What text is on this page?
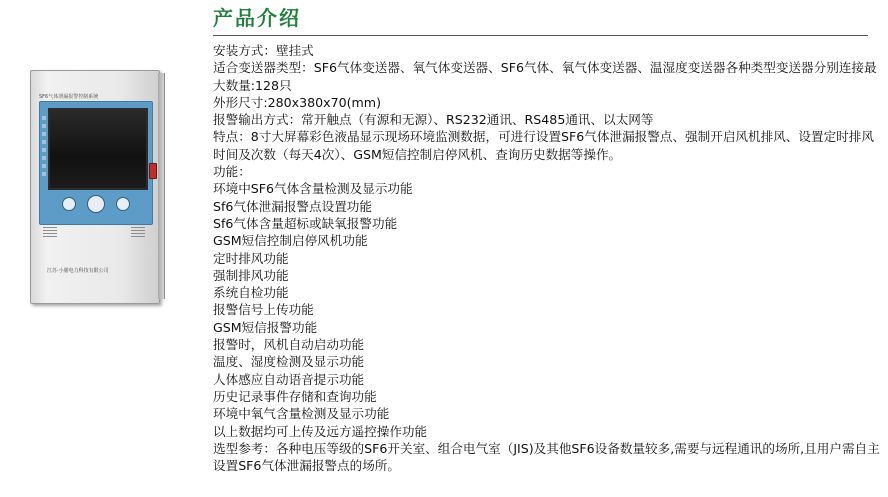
SF6气体泄漏报警控制系统
江苏·小膳电力科技有限公司
产品介绍

安装方式：壁挂式

适合变送器类型：SF6气体变送器、氧气体变送器、SF6气体、氧气体变送器、温湿度变送器各种类型变送器分别连接最大数量:128只

外形尺寸:280x380x70(mm)

报警输出方式：常开触点（有源和无源）、RS232通讯、RS485通讯、以太网等

特点：8寸大屏幕彩色液晶显示现场环境监测数据，可进行设置SF6气体泄漏报警点、强制开启风机排风、设置定时排风时间及次数（每天4次）、GSM短信控制启停风机、查询历史数据等操作。

功能：

环境中SF6气体含量检测及显示功能

Sf6气体泄漏报警点设置功能

Sf6气体含量超标或缺氧报警功能

GSM短信控制启停风机功能

定时排风功能

强制排风功能

系统自检功能

报警信号上传功能

GSM短信报警功能

报警时，风机自动启动功能

温度、湿度检测及显示功能

人体感应自动语音提示功能

历史记录事件存储和查询功能

环境中氧气含量检测及显示功能

以上数据均可上传及远方遥控操作功能

选型参考：各种电压等级的SF6开关室、组合电气室（JIS)及其他SF6设备数量较多,需要与远程通讯的场所,且用户需自主设置SF6气体泄漏报警点的场所。
